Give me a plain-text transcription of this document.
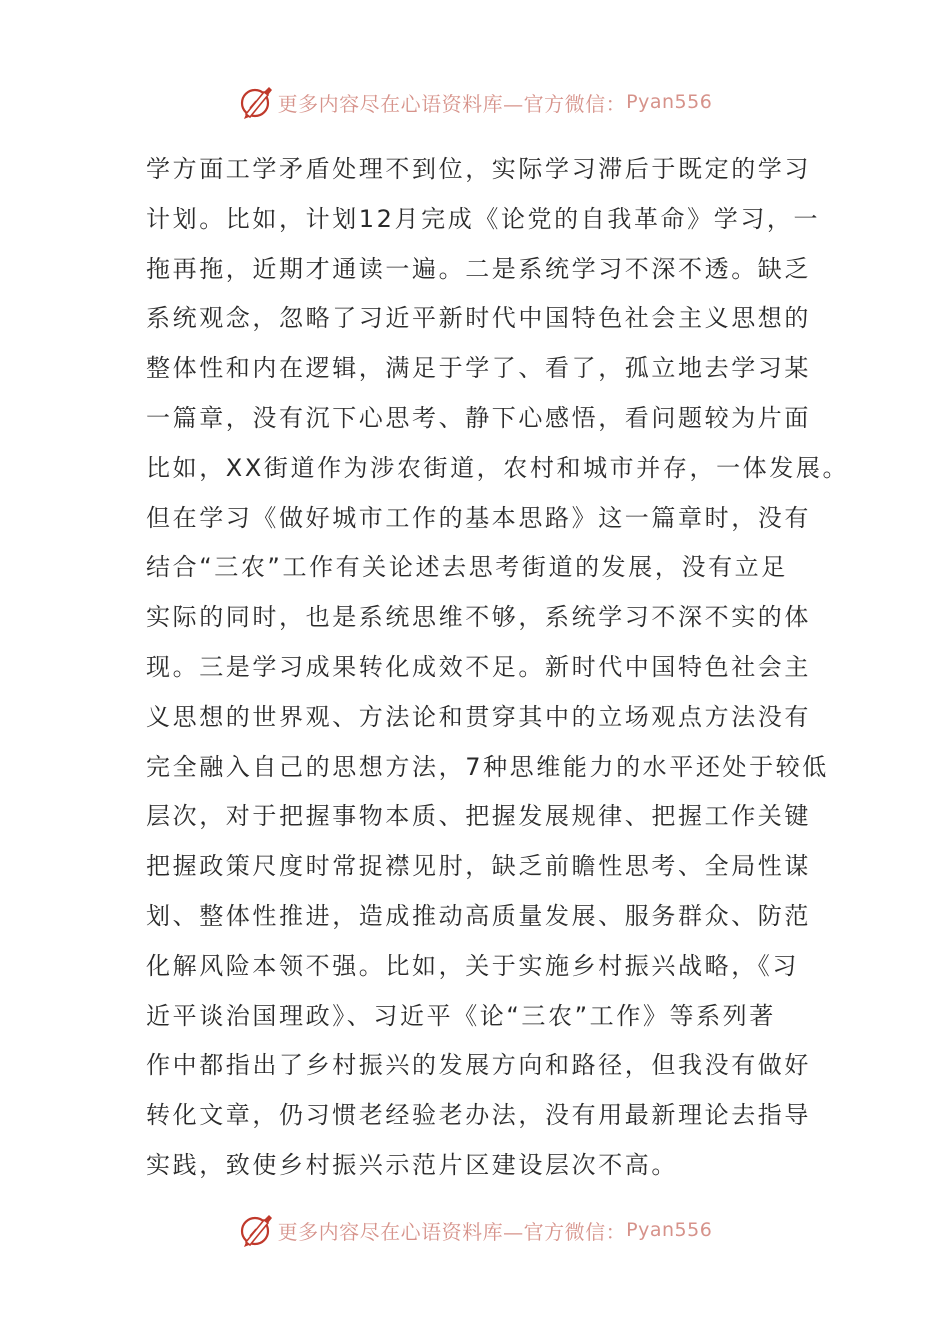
更多内容尽在心语资料库—官方微信： Pyan556
学方面工学矛盾处理不到位，实际学习滞后于既定的学习
计划。比如，计划12月完成《论党的自我革命》学习，一
拖再拖，近期才通读一遍。二是系统学习不深不透。缺乏
系统观念，忽略了习近平新时代中国特色社会主义思想的
整体性和内在逻辑，满足于学了、看了，孤立地去学习某
一篇章，没有沉下心思考、静下心感悟，看问题较为片面
比如，XX街道作为涉农街道，农村和城市并存，一体发展。
但在学习《做好城市工作的基本思路》这一篇章时，没有
结合“三农”工作有关论述去思考街道的发展，没有立足
实际的同时，也是系统思维不够，系统学习不深不实的体
现。三是学习成果转化成效不足。新时代中国特色社会主
义思想的世界观、方法论和贯穿其中的立场观点方法没有
完全融入自己的思想方法，7种思维能力的水平还处于较低
层次，对于把握事物本质、把握发展规律、把握工作关键
把握政策尺度时常捉襟见肘，缺乏前瞻性思考、全局性谋
划、整体性推进，造成推动高质量发展、服务群众、防范
化解风险本领不强。比如，关于实施乡村振兴战略，《习
近平谈治国理政》、习近平《论“三农”工作》等系列著
作中都指出了乡村振兴的发展方向和路径，但我没有做好
转化文章，仍习惯老经验老办法，没有用最新理论去指导
实践，致使乡村振兴示范片区建设层次不高。
更多内容尽在心语资料库—官方微信： Pyan556
